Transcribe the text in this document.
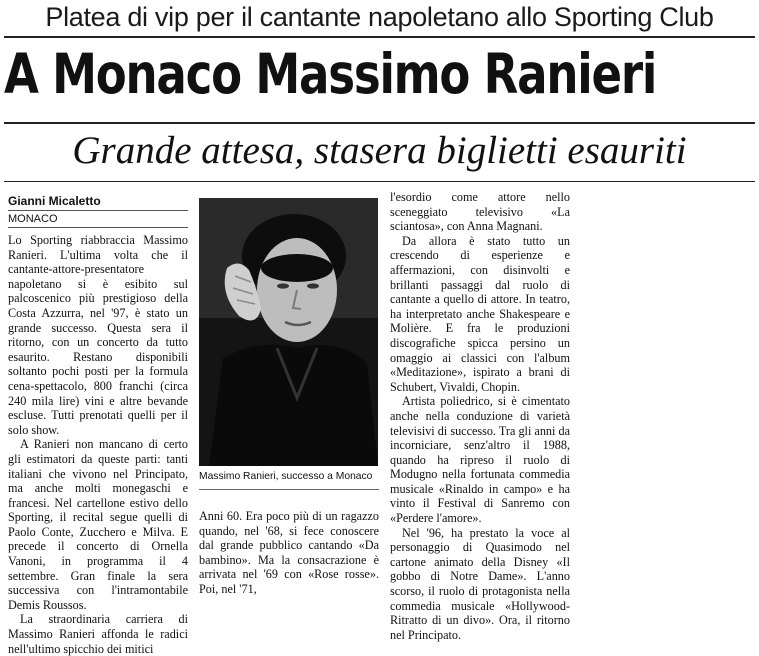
Platea di vip per il cantante napoletano allo Sporting Club
A Monaco Massimo Ranieri
Grande attesa, stasera biglietti esauriti
Gianni Micaletto
MONACO

Lo Sporting riabbraccia Massimo Ranieri. L'ultima volta che il cantante-attore-presentatore napoletano si è esibito sul palcoscenico più prestigioso della Costa Azzurra, nel '97, è stato un grande successo. Questa sera il ritorno, con un concerto da tutto esaurito. Restano disponibili soltanto pochi posti per la formula cena-spettacolo, 800 franchi (circa 240 mila lire) vini e altre bevande escluse. Tutti prenotati quelli per il solo show.

A Ranieri non mancano di certo gli estimatori da queste parti: tanti italiani che vivono nel Principato, ma anche molti monegaschi e francesi. Nel cartellone estivo dello Sporting, il recital segue quelli di Paolo Conte, Zucchero e Milva. E precede il concerto di Ornella Vanoni, in programma il 4 settembre. Gran finale la sera successiva con l'intramontabile Demis Roussos.

La straordinaria carriera di Massimo Ranieri affonda le radici nell'ultimo spicchio dei mitici

Massimo Ranieri, successo a Monaco

Anni 60. Era poco più di un ragazzo quando, nel '68, si fece conoscere dal grande pubblico cantando «Da bambino». Ma la consacrazione è arrivata nel '69 con «Rose rosse». Poi, nel '71,

l'esordio come attore nello sceneggiato televisivo «La sciantosa», con Anna Magnani.

Da allora è stato tutto un crescendo di esperienze e affermazioni, con disinvolti e brillanti passaggi dal ruolo di cantante a quello di attore. In teatro, ha interpretato anche Shakespeare e Molière. E fra le produzioni discografiche spicca persino un omaggio ai classici con l'album «Meditazione», ispirato a brani di Schubert, Vivaldi, Chopin.

Artista poliedrico, si è cimentato anche nella conduzione di varietà televisivi di successo. Tra gli anni da incorniciare, senz'altro il 1988, quando ha ripreso il ruolo di Modugno nella fortunata commedia musicale «Rinaldo in campo» e ha vinto il Festival di Sanremo con «Perdere l'amore».

Nel '96, ha prestato la voce al personaggio di Quasimodo nel cartone animato della Disney «Il gobbo di Notre Dame». L'anno scorso, il ruolo di protagonista nella commedia musicale «Hollywood-Ritratto di un divo». Ora, il ritorno nel Principato.
